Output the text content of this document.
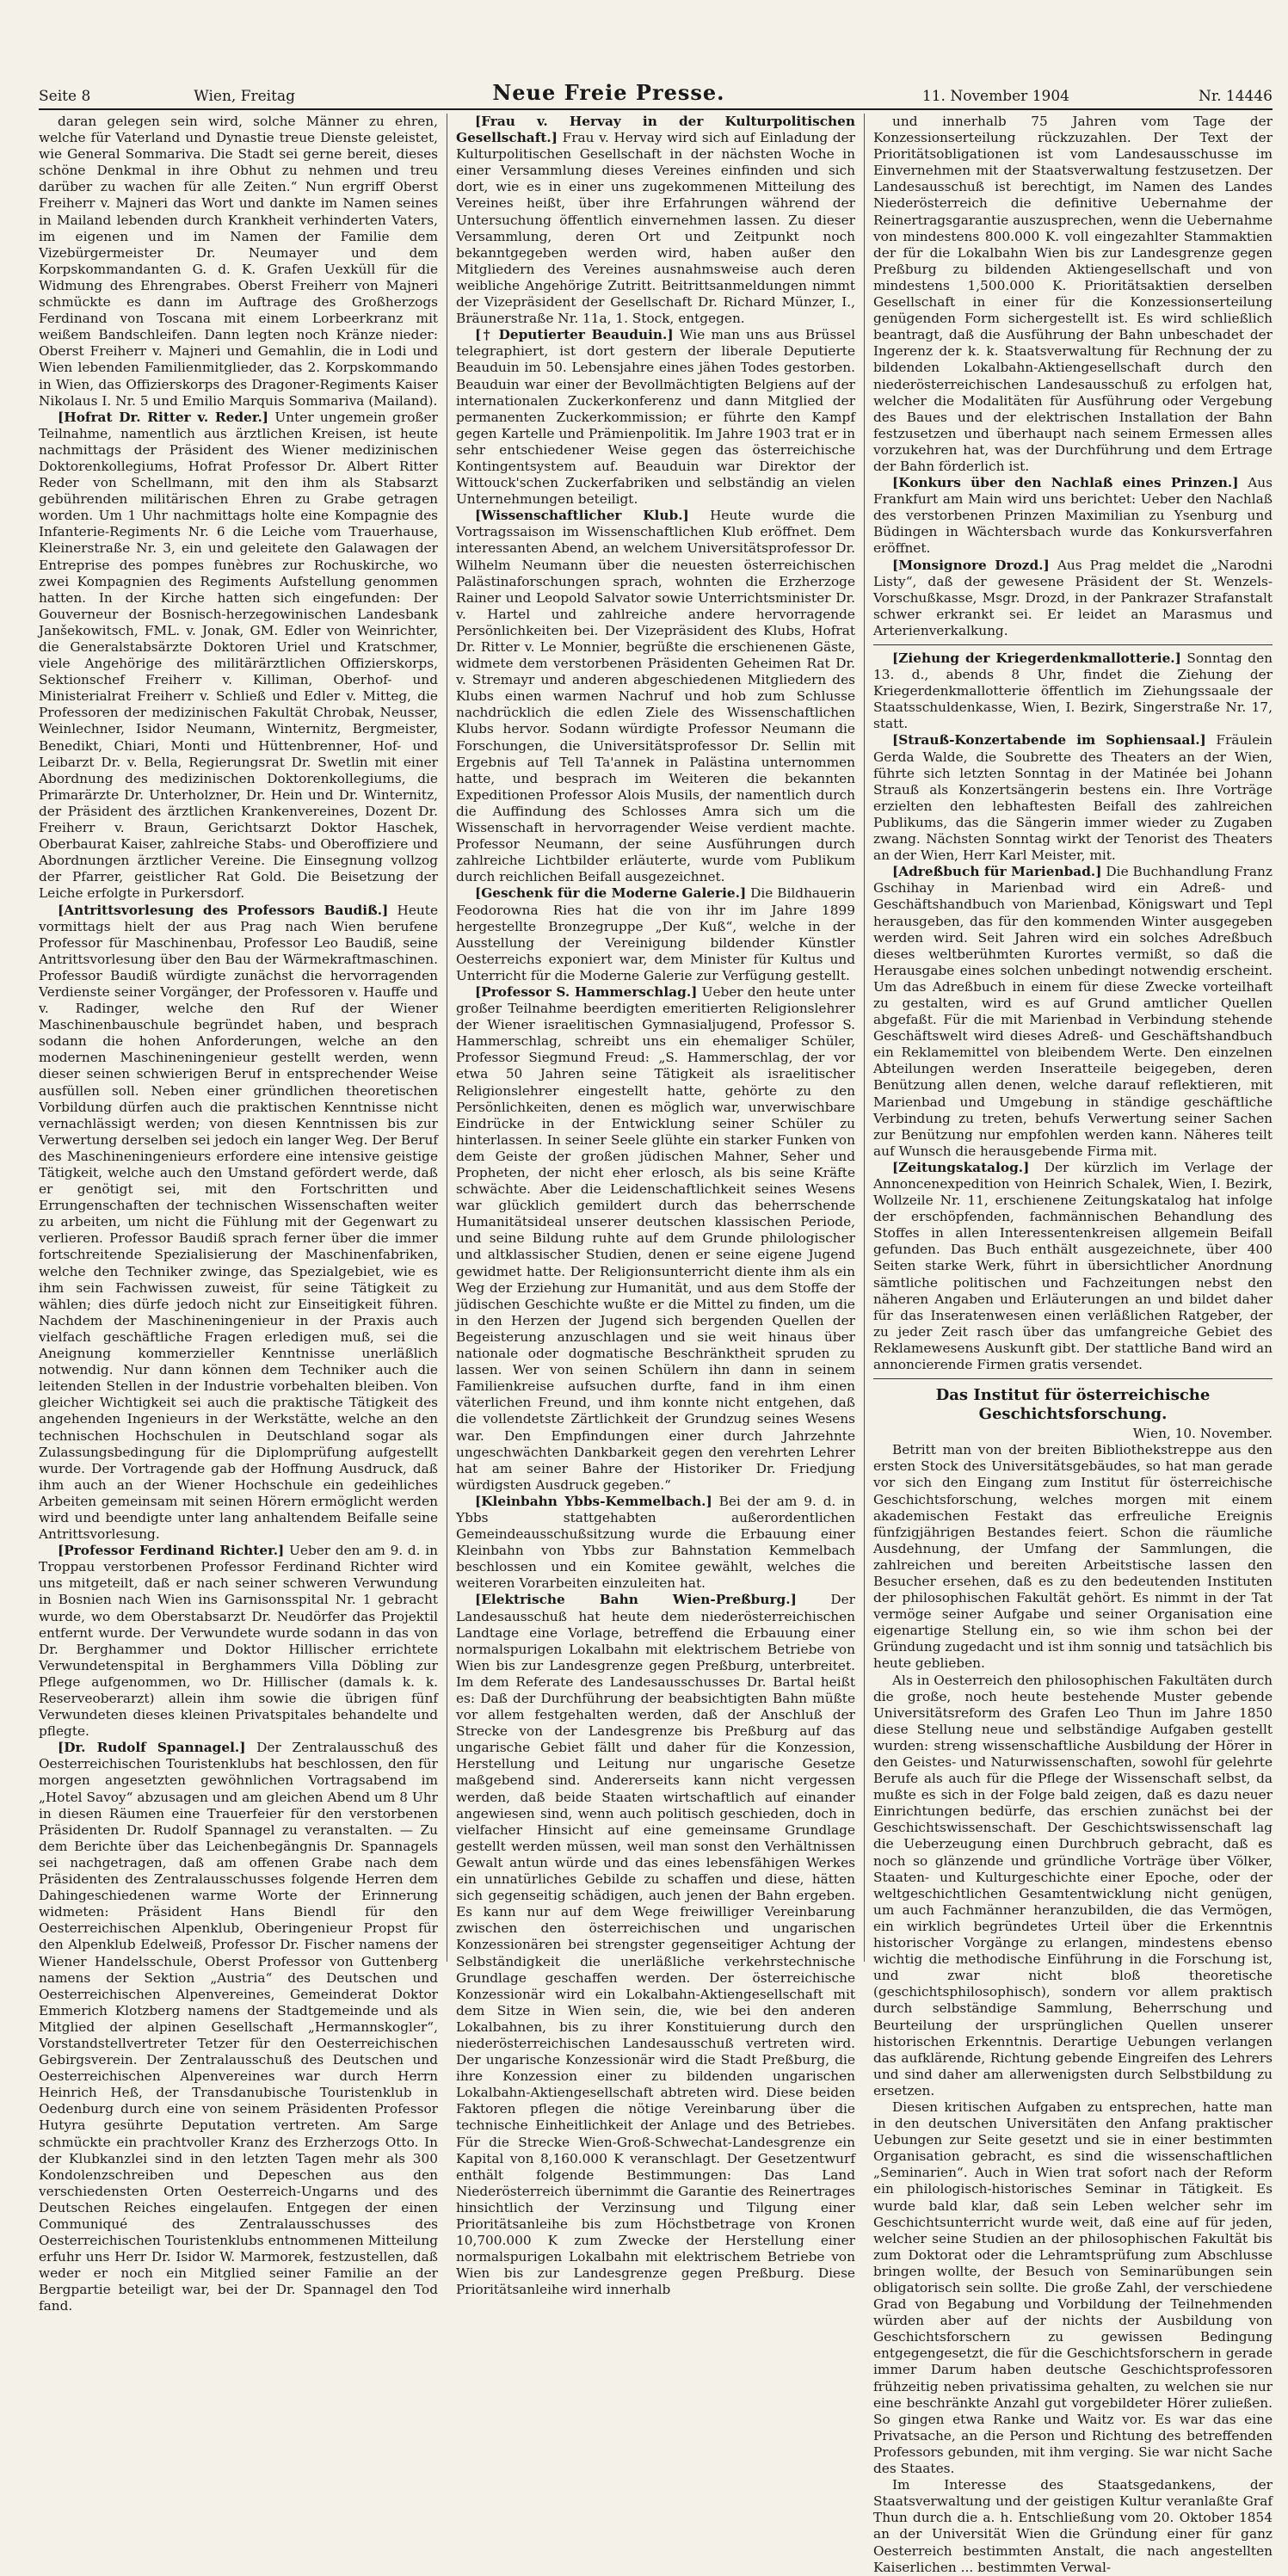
Seite 8	Wien, Freitag	Neue Freie Presse.	11. November 1904	Nr. 14446

daran gelegen sein wird, solche Männer zu ehren, welche für Vaterland und Dynastie treue Dienste geleistet, wie General Sommariva. Die Stadt sei gerne bereit, dieses schöne Denkmal in ihre Obhut zu nehmen und treu darüber zu wachen für alle Zeiten.“ Nun ergriff Oberst Freiherr v. Majneri das Wort und dankte im Namen seines in Mailand lebenden durch Krankheit verhinderten Vaters, im eigenen und im Namen der Familie dem Vizebürgermeister Dr. Neumayer und dem Korpskommandanten G. d. K. Grafen Uexküll für die Widmung des Ehrengrabes. Oberst Freiherr von Majneri schmückte es dann im Auftrage des Großherzogs Ferdinand von Toscana mit einem Lorbeerkranz mit weißem Bandschleifen. Dann legten noch Kränze nieder: Oberst Freiherr v. Majneri und Gemahlin, die in Lodi und Wien lebenden Familienmitglieder, das 2. Korpskommando in Wien, das Offizierskorps des Dragoner-Regiments Kaiser Nikolaus I. Nr. 5 und Emilio Marquis Sommariva (Mailand).

[Hofrat Dr. Ritter v. Reder.] Unter ungemein großer Teilnahme, namentlich aus ärztlichen Kreisen, ist heute nachmittags der Präsident des Wiener medizinischen Doktorenkollegiums, Hofrat Professor Dr. Albert Ritter Reder von Schellmann, mit den ihm als Stabsarzt gebührenden militärischen Ehren zu Grabe getragen worden. Um 1 Uhr nachmittags holte eine Kompagnie des Infanterie-Regiments Nr. 6 die Leiche vom Trauerhause, Kleinerstraße Nr. 3, ein und geleitete den Galawagen der Entreprise des pompes funèbres zur Rochuskirche, wo zwei Kompagnien des Regiments Aufstellung genommen hatten. In der Kirche hatten sich eingefunden: Der Gouverneur der Bosnisch-herzegowinischen Landesbank Janšekowitsch, FML. v. Jonak, GM. Edler von Weinrichter, die Generalstabsärzte Doktoren Uriel und Kratschmer, viele Angehörige des militärärztlichen Offizierskorps, Sektionschef Freiherr v. Killiman, Oberhof- und Ministerialrat Freiherr v. Schließ und Edler v. Mitteg, die Professoren der medizinischen Fakultät Chrobak, Neusser, Weinlechner, Isidor Neumann, Winternitz, Bergmeister, Benedikt, Chiari, Monti und Hüttenbrenner, Hof- und Leibarzt Dr. v. Bella, Regierungsrat Dr. Swetlin mit einer Abordnung des medizinischen Doktorenkollegiums, die Primarärzte Dr. Unterholzner, Dr. Hein und Dr. Winternitz, der Präsident des ärztlichen Krankenvereines, Dozent Dr. Freiherr v. Braun, Gerichtsarzt Doktor Haschek, Oberbaurat Kaiser, zahlreiche Stabs- und Oberoffiziere und Abordnungen ärztlicher Vereine. Die Einsegnung vollzog der Pfarrer, geistlicher Rat Gold. Die Beisetzung der Leiche erfolgte in Purkersdorf.

[Antrittsvorlesung des Professors Baudiß.] Heute vormittags hielt der aus Prag nach Wien berufene Professor für Maschinenbau, Professor Leo Baudiß, seine Antrittsvorlesung über den Bau der Wärmekraftmaschinen. Professor Baudiß würdigte zunächst die hervorragenden Verdienste seiner Vorgänger, der Professoren v. Hauffe und v. Radinger, welche den Ruf der Wiener Maschinenbauschule begründet haben, und besprach sodann die hohen Anforderungen, welche an den modernen Maschineningenieur gestellt werden, wenn dieser seinen schwierigen Beruf in entsprechender Weise ausfüllen soll. Neben einer gründlichen theoretischen Vorbildung dürfen auch die praktischen Kenntnisse nicht vernachlässigt werden; von diesen Kenntnissen bis zur Verwertung derselben sei jedoch ein langer Weg. Der Beruf des Maschineningenieurs erfordere eine intensive geistige Tätigkeit, welche auch den Umstand gefördert werde, daß er genötigt sei, mit den Fortschritten und Errungenschaften der technischen Wissenschaften weiter zu arbeiten, um nicht die Fühlung mit der Gegenwart zu verlieren. Professor Baudiß sprach ferner über die immer fortschreitende Spezialisierung der Maschinenfabriken, welche den Techniker zwinge, das Spezialgebiet, wie es ihm sein Fachwissen zuweist, für seine Tätigkeit zu wählen; dies dürfe jedoch nicht zur Einseitigkeit führen. Nachdem der Maschineningenieur in der Praxis auch vielfach geschäftliche Fragen erledigen muß, sei die Aneignung kommerzieller Kenntnisse unerläßlich notwendig. Nur dann können dem Techniker auch die leitenden Stellen in der Industrie vorbehalten bleiben. Von gleicher Wichtigkeit sei auch die praktische Tätigkeit des angehenden Ingenieurs in der Werkstätte, welche an den technischen Hochschulen in Deutschland sogar als Zulassungsbedingung für die Diplomprüfung aufgestellt wurde. Der Vortragende gab der Hoffnung Ausdruck, daß ihm auch an der Wiener Hochschule ein gedeihliches Arbeiten gemeinsam mit seinen Hörern ermöglicht werden wird und beendigte unter lang anhaltendem Beifalle seine Antrittsvorlesung.

[Professor Ferdinand Richter.] Ueber den am 9. d. in Troppau verstorbenen Professor Ferdinand Richter wird uns mitgeteilt, daß er nach seiner schweren Verwundung in Bosnien nach Wien ins Garnisonsspital Nr. 1 gebracht wurde, wo dem Oberstabsarzt Dr. Neudörfer das Projektil entfernt wurde. Der Verwundete wurde sodann in das von Dr. Berghammer und Doktor Hillischer errichtete Verwundetenspital in Berghammers Villa Döbling zur Pflege aufgenommen, wo Dr. Hillischer (damals k. k. Reserveoberarzt) allein ihm sowie die übrigen fünf Verwundeten dieses kleinen Privatspitales behandelte und pflegte.

[Dr. Rudolf Spannagel.] Der Zentralausschuß des Oesterreichischen Touristenklubs hat beschlossen, den für morgen angesetzten gewöhnlichen Vortragsabend im „Hotel Savoy“ abzusagen und am gleichen Abend um 8 Uhr in diesen Räumen eine Trauerfeier für den verstorbenen Präsidenten Dr. Rudolf Spannagel zu veranstalten. — Zu dem Berichte über das Leichenbegängnis Dr. Spannagels sei nachgetragen, daß am offenen Grabe nach dem Präsidenten des Zentralausschusses folgende Herren dem Dahingeschiedenen warme Worte der Erinnerung widmeten: Präsident Hans Biendl für den Oesterreichischen Alpenklub, Oberingenieur Propst für den Alpenklub Edelweiß, Professor Dr. Fischer namens der Wiener Handelsschule, Oberst Professor von Guttenberg namens der Sektion „Austria“ des Deutschen und Oesterreichischen Alpenvereines, Gemeinderat Doktor Emmerich Klotzberg namens der Stadtgemeinde und als Mitglied der alpinen Gesellschaft „Hermannskogler“, Vorstandstellvertreter Tetzer für den Oesterreichischen Gebirgsverein. Der Zentralausschuß des Deutschen und Oesterreichischen Alpenvereines war durch Herrn Heinrich Heß, der Transdanubische Touristenklub in Oedenburg durch eine von seinem Präsidenten Professor Hutyra gesührte Deputation vertreten. Am Sarge schmückte ein prachtvoller Kranz des Erzherzogs Otto. In der Klubkanzlei sind in den letzten Tagen mehr als 300 Kondolenzschreiben und Depeschen aus den verschiedensten Orten Oesterreich-Ungarns und des Deutschen Reiches eingelaufen. Entgegen der einen Communiqué des Zentralausschusses des Oesterreichischen Touristenklubs entnommenen Mitteilung erfuhr uns Herr Dr. Isidor W. Marmorek, festzustellen, daß weder er noch ein Mitglied seiner Familie an der Bergpartie beteiligt war, bei der Dr. Spannagel den Tod fand.

[Frau v. Hervay in der Kulturpolitischen Gesellschaft.] Frau v. Hervay wird sich auf Einladung der Kulturpolitischen Gesellschaft in der nächsten Woche in einer Versammlung dieses Vereines einfinden und sich dort, wie es in einer uns zugekommenen Mitteilung des Vereines heißt, über ihre Erfahrungen während der Untersuchung öffentlich einvernehmen lassen. Zu dieser Versammlung, deren Ort und Zeitpunkt noch bekanntgegeben werden wird, haben außer den Mitgliedern des Vereines ausnahmsweise auch deren weibliche Angehörige Zutritt. Beitrittsanmeldungen nimmt der Vizepräsident der Gesellschaft Dr. Richard Münzer, I., Bräunerstraße Nr. 11a, 1. Stock, entgegen.

[† Deputierter Beauduin.] Wie man uns aus Brüssel telegraphiert, ist dort gestern der liberale Deputierte Beauduin im 50. Lebensjahre eines jähen Todes gestorben. Beauduin war einer der Bevollmächtigten Belgiens auf der internationalen Zuckerkonferenz und dann Mitglied der permanenten Zuckerkommission; er führte den Kampf gegen Kartelle und Prämienpolitik. Im Jahre 1903 trat er in sehr entschiedener Weise gegen das österreichische Kontingentsystem auf. Beauduin war Direktor der Wittouck'schen Zuckerfabriken und selbständig an vielen Unternehmungen beteiligt.

[Wissenschaftlicher Klub.] Heute wurde die Vortragssaison im Wissenschaftlichen Klub eröffnet. Dem interessanten Abend, an welchem Universitätsprofessor Dr. Wilhelm Neumann über die neuesten österreichischen Palästinaforschungen sprach, wohnten die Erzherzoge Rainer und Leopold Salvator sowie Unterrichtsminister Dr. v. Hartel und zahlreiche andere hervorragende Persönlichkeiten bei. Der Vizepräsident des Klubs, Hofrat Dr. Ritter v. Le Monnier, begrüßte die erschienenen Gäste, widmete dem verstorbenen Präsidenten Geheimen Rat Dr. v. Stremayr und anderen abgeschiedenen Mitgliedern des Klubs einen warmen Nachruf und hob zum Schlusse nachdrücklich die edlen Ziele des Wissenschaftlichen Klubs hervor. Sodann würdigte Professor Neumann die Forschungen, die Universitätsprofessor Dr. Sellin mit Ergebnis auf Tell Ta'annek in Palästina unternommen hatte, und besprach im Weiteren die bekannten Expeditionen Professor Alois Musils, der namentlich durch die Auffindung des Schlosses Amra sich um die Wissenschaft in hervorragender Weise verdient machte. Professor Neumann, der seine Ausführungen durch zahlreiche Lichtbilder erläuterte, wurde vom Publikum durch reichlichen Beifall ausgezeichnet.

[Geschenk für die Moderne Galerie.] Die Bildhauerin Feodorowna Ries hat die von ihr im Jahre 1899 hergestellte Bronzegruppe „Der Kuß“, welche in der Ausstellung der Vereinigung bildender Künstler Oesterreichs exponiert war, dem Minister für Kultus und Unterricht für die Moderne Galerie zur Verfügung gestellt.

[Professor S. Hammerschlag.] Ueber den heute unter großer Teilnahme beerdigten emeritierten Religionslehrer der Wiener israelitischen Gymnasialjugend, Professor S. Hammerschlag, schreibt uns ein ehemaliger Schüler, Professor Siegmund Freud: „S. Hammerschlag, der vor etwa 50 Jahren seine Tätigkeit als israelitischer Religionslehrer eingestellt hatte, gehörte zu den Persönlichkeiten, denen es möglich war, unverwischbare Eindrücke in der Entwicklung seiner Schüler zu hinterlassen. In seiner Seele glühte ein starker Funken von dem Geiste der großen jüdischen Mahner, Seher und Propheten, der nicht eher erlosch, als bis seine Kräfte schwächte. Aber die Leidenschaftlichkeit seines Wesens war glücklich gemildert durch das beherrschende Humanitätsideal unserer deutschen klassischen Periode, und seine Bildung ruhte auf dem Grunde philologischer und altklassischer Studien, denen er seine eigene Jugend gewidmet hatte. Der Religionsunterricht diente ihm als ein Weg der Erziehung zur Humanität, und aus dem Stoffe der jüdischen Geschichte wußte er die Mittel zu finden, um die in den Herzen der Jugend sich bergenden Quellen der Begeisterung anzuschlagen und sie weit hinaus über nationale oder dogmatische Beschränktheit spruden zu lassen. Wer von seinen Schülern ihn dann in seinem Familienkreise aufsuchen durfte, fand in ihm einen väterlichen Freund, und ihm konnte nicht entgehen, daß die vollendetste Zärtlichkeit der Grundzug seines Wesens war. Den Empfindungen einer durch Jahrzehnte ungeschwächten Dankbarkeit gegen den verehrten Lehrer hat am seiner Bahre der Historiker Dr. Friedjung würdigsten Ausdruck gegeben.“

[Kleinbahn Ybbs-Kemmelbach.] Bei der am 9. d. in Ybbs stattgehabten außerordentlichen Gemeindeausschußsitzung wurde die Erbauung einer Kleinbahn von Ybbs zur Bahnstation Kemmelbach beschlossen und ein Komitee gewählt, welches die weiteren Vorarbeiten einzuleiten hat.

[Elektrische Bahn Wien-Preßburg.]	Der Landesausschuß hat heute dem niederösterreichischen Landtage eine Vorlage, betreffend die Erbauung einer normalspurigen Lokalbahn mit elektrischem Betriebe von Wien bis zur Landesgrenze gegen Preßburg, unterbreitet. Im dem Referate des Landesausschusses Dr. Bartal heißt es: Daß der Durchführung der beabsichtigten Bahn müßte vor allem festgehalten werden, daß der Anschluß der Strecke von der Landesgrenze bis Preßburg auf das ungarische Gebiet fällt und daher für die Konzession, Herstellung und Leitung nur ungarische Gesetze maßgebend sind. Andererseits kann nicht vergessen werden, daß beide Staaten wirtschaftlich auf einander angewiesen sind, wenn auch politisch geschieden, doch in vielfacher Hinsicht auf eine gemeinsame Grundlage gestellt werden müssen, weil man sonst den Verhältnissen Gewalt antun würde und das eines lebensfähigen Werkes ein unnatürliches Gebilde zu schaffen und diese, hätten sich gegenseitig schädigen, auch jenen der Bahn ergeben. Es kann nur auf dem Wege freiwilliger Vereinbarung zwischen den österreichischen und ungarischen Konzessionären bei strengster gegenseitiger Achtung der Selbständigkeit die unerläßliche verkehrstechnische Grundlage geschaffen werden. Der österreichische Konzessionär wird ein Lokalbahn-Aktiengesellschaft mit dem Sitze in Wien sein, die, wie bei den anderen Lokalbahnen, bis zu ihrer Konstituierung durch den niederösterreichischen Landesausschuß vertreten wird. Der ungarische Konzessionär wird die Stadt Preßburg, die ihre Konzession einer zu bildenden ungarischen Lokalbahn-Aktiengesellschaft abtreten wird. Diese beiden Faktoren pflegen die nötige Vereinbarung über die technische Einheitlichkeit der Anlage und des Betriebes. Für die Strecke Wien-Groß-Schwechat-Landesgrenze ein Kapital von 8,160.000 K veranschlagt. Der Gesetzentwurf enthält folgende Bestimmungen: Das Land Niederösterreich übernimmt die Garantie des Reinertrages hinsichtlich der Verzinsung und Tilgung einer Prioritätsanleihe bis zum Höchstbetrage von Kronen 10,700.000 K zum Zwecke der Herstellung einer normalspurigen Lokalbahn mit elektrischem Betriebe von Wien bis zur Landesgrenze gegen Preßburg. Diese Prioritätsanleihe wird innerhalb

und innerhalb 75 Jahren vom Tage der Konzessionserteilung rückzuzahlen. Der Text der Prioritätsobligationen ist vom Landesausschusse im Einvernehmen mit der Staatsverwaltung festzusetzen. Der Landesausschuß ist berechtigt, im Namen des Landes Niederösterreich die definitive Uebernahme der Reinertragsgarantie auszusprechen, wenn die Uebernahme von mindestens 800.000 K. voll eingezahlter Stammaktien der für die Lokalbahn Wien bis zur Landesgrenze gegen Preßburg zu bildenden Aktiengesellschaft und von mindestens 1,500.000 K. Prioritätsaktien derselben Gesellschaft in einer für die Konzessionserteilung genügenden Form sichergestellt ist. Es wird schließlich beantragt, daß die Ausführung der Bahn unbeschadet der Ingerenz der k. k. Staatsverwaltung für Rechnung der zu bildenden Lokalbahn-Aktiengesellschaft durch den niederösterreichischen Landesausschuß zu erfolgen hat, welcher die Modalitäten für Ausführung oder Vergebung des Baues und der elektrischen Installation der Bahn festzusetzen und überhaupt nach seinem Ermessen alles vorzukehren hat, was der Durchführung und dem Ertrage der Bahn förderlich ist.

[Konkurs über den Nachlaß eines Prinzen.] Aus Frankfurt am Main wird uns berichtet: Ueber den Nachlaß des verstorbenen Prinzen Maximilian zu Ysenburg und Büdingen in Wächtersbach wurde das Konkursverfahren eröffnet.

[Monsignore Drozd.] Aus Prag meldet die „Narodni Listy“, daß der gewesene Präsident der St. Wenzels-Vorschußkasse, Msgr. Drozd, in der Pankrazer Strafanstalt schwer erkrankt sei. Er leidet an Marasmus und Arterienverkalkung.

[Ziehung der Kriegerdenkmallotterie.] Sonntag den 13. d., abends 8 Uhr, findet die Ziehung der Kriegerdenkmallotterie öffentlich im Ziehungssaale der Staatsschuldenkasse, Wien, I. Bezirk, Singerstraße Nr. 17, statt.

[Strauß-Konzertabende im Sophiensaal.] Fräulein Gerda Walde, die Soubrette des Theaters an der Wien, führte sich letzten Sonntag in der Matinée bei Johann Strauß als Konzertsängerin bestens ein. Ihre Vorträge erzielten den lebhaftesten Beifall des zahlreichen Publikums, das die Sängerin immer wieder zu Zugaben zwang. Nächsten Sonntag wirkt der Tenorist des Theaters an der Wien, Herr Karl Meister, mit.

[Adreßbuch für Marienbad.] Die Buchhandlung Franz Gschihay in Marienbad wird ein Adreß- und Geschäftshandbuch von Marienbad, Königswart und Tepl herausgeben, das für den kommenden Winter ausgegeben werden wird. Seit Jahren wird ein solches Adreßbuch dieses weltberühmten Kurortes vermißt, so daß die Herausgabe eines solchen unbedingt notwendig erscheint. Um das Adreßbuch in einem für diese Zwecke vorteilhaft zu gestalten, wird es auf Grund amtlicher Quellen abgefaßt. Für die mit Marienbad in Verbindung stehende Geschäftswelt wird dieses Adreß- und Geschäftshandbuch ein Reklamemittel von bleibendem Werte. Den einzelnen Abteilungen werden Inseratteile beigegeben, deren Benützung allen denen, welche darauf reflektieren, mit Marienbad und Umgebung in ständige geschäftliche Verbindung zu treten, behufs Verwertung seiner Sachen zur Benützung nur empfohlen werden kann. Näheres teilt auf Wunsch die herausgebende Firma mit.

[Zeitungskatalog.] Der kürzlich im Verlage der Annoncenexpedition von Heinrich Schalek, Wien, I. Bezirk, Wollzeile Nr. 11, erschienene Zeitungskatalog hat infolge der erschöpfenden, fachmännischen Behandlung des Stoffes in allen Interessentenkreisen allgemein Beifall gefunden. Das Buch enthält ausgezeichnete, über 400 Seiten starke Werk, führt in übersichtlicher Anordnung sämtliche politischen und Fachzeitungen nebst den näheren Angaben und Erläuterungen an und bildet daher für das Inseratenwesen einen verläßlichen Ratgeber, der zu jeder Zeit rasch über das umfangreiche Gebiet des Reklamewesens Auskunft gibt. Der stattliche Band wird an annoncierende Firmen gratis versendet.

Das Institut für österreichische Geschichtsforschung.

Wien, 10. November.

Betritt man von der breiten Bibliothekstreppe aus den ersten Stock des Universitätsgebäudes, so hat man gerade vor sich den Eingang zum Institut für österreichische Geschichtsforschung, welches morgen mit einem akademischen Festakt das erfreuliche Ereignis fünfzigjährigen Bestandes feiert. Schon die räumliche Ausdehnung, der Umfang der Sammlungen, die zahlreichen und bereiten Arbeitstische lassen den Besucher ersehen, daß es zu den bedeutenden Instituten der philosophischen Fakultät gehört. Es nimmt in der Tat vermöge seiner Aufgabe und seiner Organisation eine eigenartige Stellung ein, so wie ihm schon bei der Gründung zugedacht und ist ihm sonnig und tatsächlich bis heute geblieben.

Als in Oesterreich den philosophischen Fakultäten durch die große, noch heute bestehende Muster gebende Universitätsreform des Grafen Leo Thun im Jahre 1850 diese Stellung neue und selbständige Aufgaben gestellt wurden: streng wissenschaftliche Ausbildung der Hörer in den Geistes- und Naturwissenschaften, sowohl für gelehrte Berufe als auch für die Pflege der Wissenschaft selbst, da mußte es sich in der Folge bald zeigen, daß es dazu neuer Einrichtungen bedürfe, das erschien zunächst bei der Geschichtswissenschaft. Der Geschichtswissenschaft lag die Ueberzeugung einen Durchbruch gebracht, daß es noch so glänzende und gründliche Vorträge über Völker, Staaten- und Kulturgeschichte einer Epoche, oder der weltgeschichtlichen Gesamtentwicklung nicht genügen, um auch Fachmänner heranzubilden, die das Vermögen, ein wirklich begründetes Urteil über die Erkenntnis historischer Vorgänge zu erlangen, mindestens ebenso wichtig die methodische Einführung in die Forschung ist, und zwar nicht bloß theoretische (geschichtsphilosophisch), sondern vor allem praktisch durch selbständige Sammlung, Beherrschung und Beurteilung der ursprünglichen Quellen unserer historischen Erkenntnis. Derartige Uebungen verlangen das aufklärende, Richtung gebende Eingreifen des Lehrers und sind daher am allerwenigsten durch Selbstbildung zu ersetzen.

Diesen kritischen Aufgaben zu entsprechen, hatte man in den deutschen Universitäten den Anfang praktischer Uebungen zur Seite gesetzt und sie in einer bestimmten Organisation gebracht, es sind die wissenschaftlichen „Seminarien“. Auch in Wien trat sofort nach der Reform ein philologisch-historisches Seminar in Tätigkeit. Es wurde bald klar, daß sein Leben welcher sehr im Geschichtsunterricht wurde weit, daß eine auf für jeden, welcher seine Studien an der philosophischen Fakultät bis zum Doktorat oder die Lehramtsprüfung zum Abschlusse bringen wollte, der Besuch von Seminarübungen sein obligatorisch sein sollte. Die große Zahl, der verschiedene Grad von Begabung und Vorbildung der Teilnehmenden würden aber auf der nichts der Ausbildung von Geschichtsforschern zu gewissen Bedingung entgegengesetzt, die für die Geschichtsforschern in gerade immer Darum haben deutsche Geschichtsprofessoren frühzeitig neben privatissima gehalten, zu welchen sie nur eine beschränkte Anzahl gut vorgebildeter Hörer zuließen. So gingen etwa Ranke und Waitz vor. Es war das eine Privatsache, an die Person und Richtung des betreffenden Professors gebunden, mit ihm verging. Sie war nicht Sache des Staates.

Im Interesse des Staatsgedankens, der Staatsverwaltung und der geistigen Kultur veranlaßte Graf Thun durch die a. h. Entschließung vom 20. Oktober 1854 an der Universität Wien die Gründung einer für ganz Oesterreich bestimmten Anstalt, die nach angestellten Kaiserlichen ... bestimmten Verwal-
